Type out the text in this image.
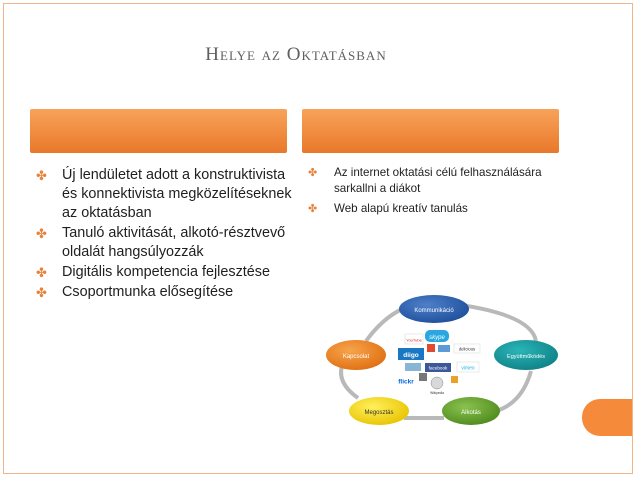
Helye az Oktatásban
✤ Új lendületet adott a konstruktivista és konnektivista megközelítéseknek az oktatásban
✤ Tanuló aktivitását, alkotó-résztvevő oldalát hangsúlyozzák
✤ Digitális kompetencia fejlesztése
✤ Csoportmunka elősegítése
✤ Az internet oktatási célú felhasználására sarkallni a diákot
✤ Web alapú kreatív tanulás
Kommunikáció
Együttműködés
Alkotás
Megosztás
Kapcsolat
skype
YouTube
delicious
diigo
facebook	vimeo
flickr
Wikipedia
